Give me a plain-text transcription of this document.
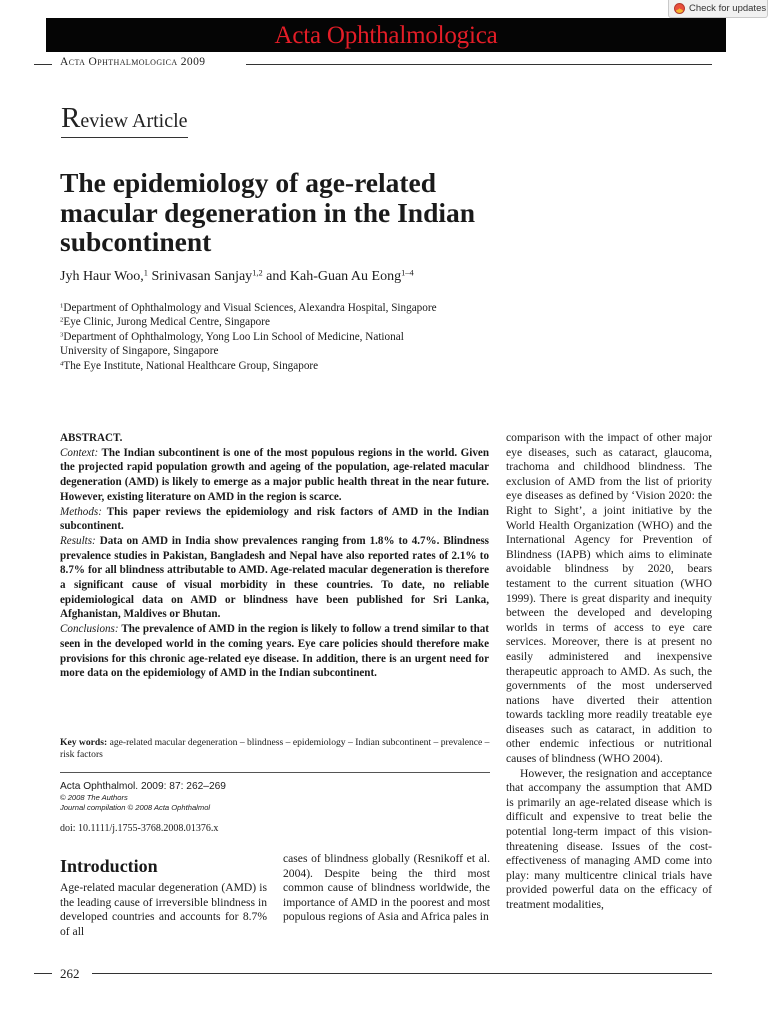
Check for updates
Acta Ophthalmologica
Acta Ophthalmologica 2009
Review Article
The epidemiology of age-related macular degeneration in the Indian subcontinent
Jyh Haur Woo,$^1$ Srinivasan Sanjay$^{1,2}$ and Kah-Guan Au Eong$^{1-4}$
$^1$Department of Ophthalmology and Visual Sciences, Alexandra Hospital, Singapore
$^2$Eye Clinic, Jurong Medical Centre, Singapore
$^3$Department of Ophthalmology, Yong Loo Lin School of Medicine, National
University of Singapore, Singapore
$^4$The Eye Institute, National Healthcare Group, Singapore

ABSTRACT.

Context: The Indian subcontinent is one of the most populous regions in the world. Given the projected rapid population growth and ageing of the population, age-related macular degeneration (AMD) is likely to emerge as a major public health threat in the near future. However, existing literature on AMD in the region is scarce.

Methods: This paper reviews the epidemiology and risk factors of AMD in the Indian subcontinent.

Results: Data on AMD in India show prevalences ranging from 1.8% to 4.7%. Blindness prevalence studies in Pakistan, Bangladesh and Nepal have also reported rates of 2.1% to 8.7% for all blindness attributable to AMD. Age-related macular degeneration is therefore a significant cause of visual morbidity in these countries. To date, no reliable epidemiological data on AMD or blindness have been published for Sri Lanka, Afghanistan, Maldives or Bhutan.

Conclusions: The prevalence of AMD in the region is likely to follow a trend similar to that seen in the developed world in the coming years. Eye care policies should therefore make provisions for this chronic age-related eye disease. In addition, there is an urgent need for more data on the epidemiology of AMD in the Indian subcontinent.

Key words: age-related macular degeneration – blindness – epidemiology – Indian subcontinent – prevalence – risk factors
Acta Ophthalmol. 2009: 87: 262–269
© 2008 The Authors
Journal compilation © 2008 Acta Ophthalmol
doi: 10.1111/j.1755-3768.2008.01376.x
Introduction

Age-related macular degeneration (AMD) is the leading cause of irreversible blindness in developed countries and accounts for 8.7% of all

cases of blindness globally (Resnikoff et al. 2004). Despite being the third most common cause of blindness worldwide, the importance of AMD in the poorest and most populous regions of Asia and Africa pales in

comparison with the impact of other major eye diseases, such as cataract, glaucoma, trachoma and childhood blindness. The exclusion of AMD from the list of priority eye diseases as defined by ‘Vision 2020: the Right to Sight’, a joint initiative by the World Health Organization (WHO) and the International Agency for Prevention of Blindness (IAPB) which aims to eliminate avoidable blindness by 2020, bears testament to the current situation (WHO 1999). There is great disparity and inequity between the developed and developing worlds in terms of access to eye care services. Moreover, there is at present no easily administered and inexpensive therapeutic approach to AMD. As such, the governments of the most underserved nations have diverted their attention towards tackling more readily treatable eye diseases such as cataract, in addition to other endemic infectious or nutritional causes of blindness (WHO 2004).
However, the resignation and acceptance that accompany the assumption that AMD is primarily an age-related disease which is difficult and expensive to treat belie the potential long-term impact of this vision-threatening disease. Issues of the cost-effectiveness of managing AMD come into play: many multicentre clinical trials have provided powerful data on the efficacy of treatment modalities,

262
